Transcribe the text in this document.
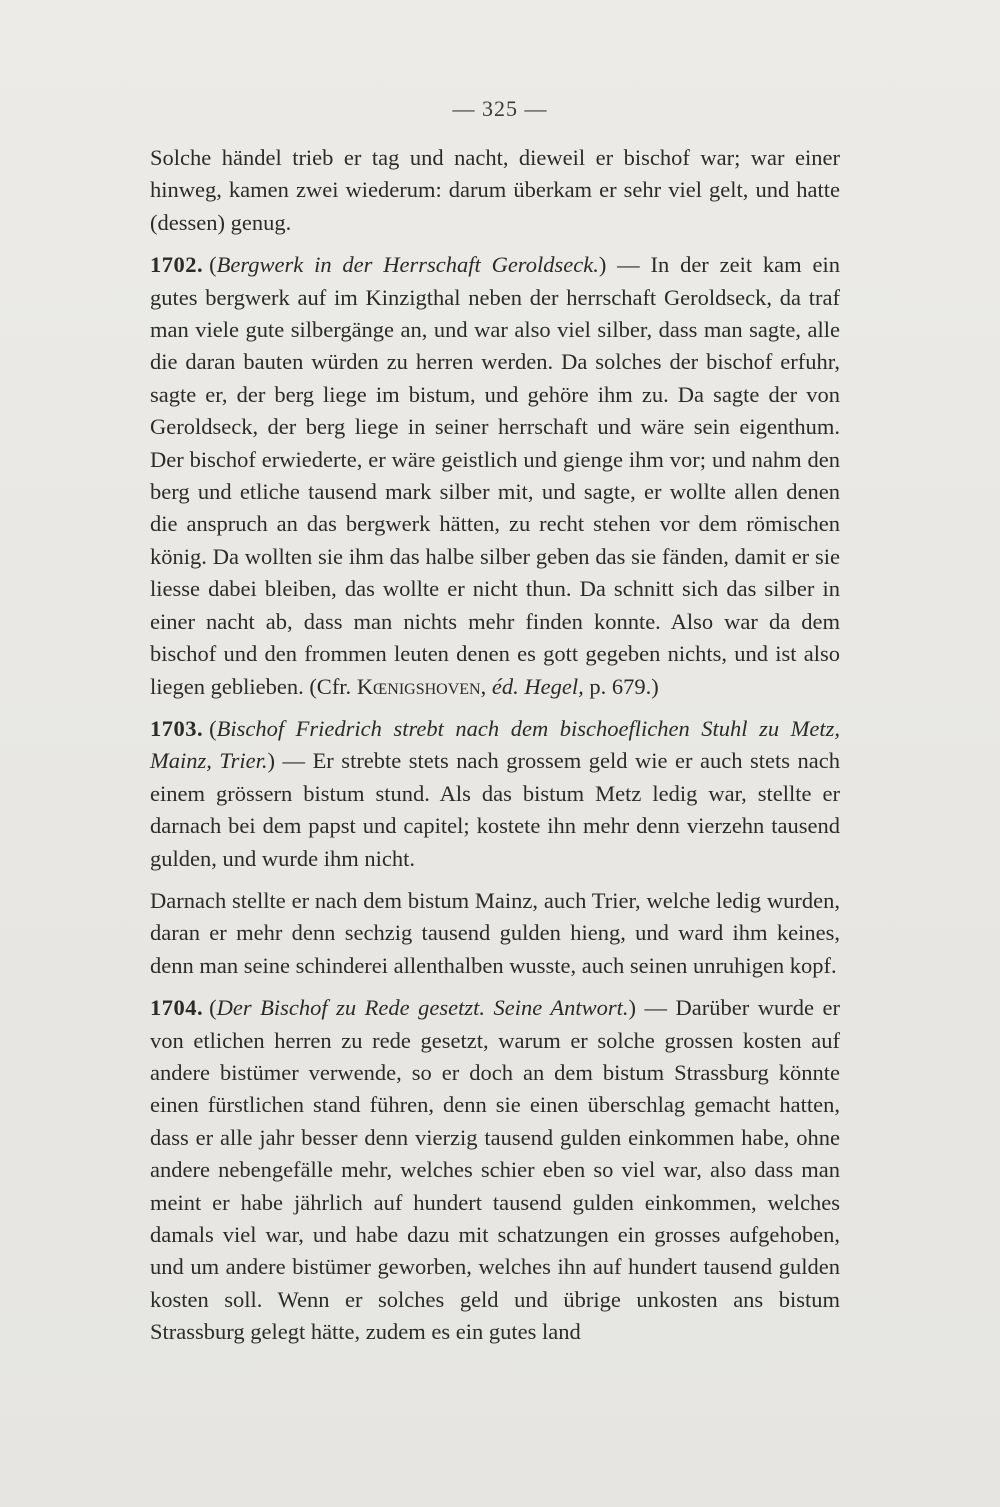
— 325 —

Solche händel trieb er tag und nacht, dieweil er bischof war; war einer hinweg, kamen zwei wiederum: darum überkam er sehr viel gelt, und hatte (dessen) genug.

1702. (Bergwerk in der Herrschaft Geroldseck.) — In der zeit kam ein gutes bergwerk auf im Kinzigthal neben der herrschaft Geroldseck, da traf man viele gute silbergänge an, und war also viel silber, dass man sagte, alle die daran bauten würden zu herren werden. Da solches der bischof erfuhr, sagte er, der berg liege im bistum, und gehöre ihm zu. Da sagte der von Geroldseck, der berg liege in seiner herrschaft und wäre sein eigenthum. Der bischof erwiederte, er wäre geistlich und gienge ihm vor; und nahm den berg und etliche tausend mark silber mit, und sagte, er wollte allen denen die anspruch an das bergwerk hätten, zu recht stehen vor dem römischen könig. Da wollten sie ihm das halbe silber geben das sie fänden, damit er sie liesse dabei bleiben, das wollte er nicht thun. Da schnitt sich das silber in einer nacht ab, dass man nichts mehr finden konnte. Also war da dem bischof und den frommen leuten denen es gott gegeben nichts, und ist also liegen geblieben. (Cfr. Kœnigshoven, éd. Hegel, p. 679.)

1703. (Bischof Friedrich strebt nach dem bischoeflichen Stuhl zu Metz, Mainz, Trier.) — Er strebte stets nach grossem geld wie er auch stets nach einem grössern bistum stund. Als das bistum Metz ledig war, stellte er darnach bei dem papst und capitel; kostete ihn mehr denn vierzehn tausend gulden, und wurde ihm nicht.

Darnach stellte er nach dem bistum Mainz, auch Trier, welche ledig wurden, daran er mehr denn sechzig tausend gulden hieng, und ward ihm keines, denn man seine schinderei allenthalben wusste, auch seinen unruhigen kopf.

1704. (Der Bischof zu Rede gesetzt. Seine Antwort.) — Darüber wurde er von etlichen herren zu rede gesetzt, warum er solche grossen kosten auf andere bistümer verwende, so er doch an dem bistum Strassburg könnte einen fürstlichen stand führen, denn sie einen überschlag gemacht hatten, dass er alle jahr besser denn vierzig tausend gulden einkommen habe, ohne andere nebengefälle mehr, welches schier eben so viel war, also dass man meint er habe jährlich auf hundert tausend gulden einkommen, welches damals viel war, und habe dazu mit schatzungen ein grosses aufgehoben, und um andere bistümer geworben, welches ihn auf hundert tausend gulden kosten soll. Wenn er solches geld und übrige unkosten ans bistum Strassburg gelegt hätte, zudem es ein gutes land
